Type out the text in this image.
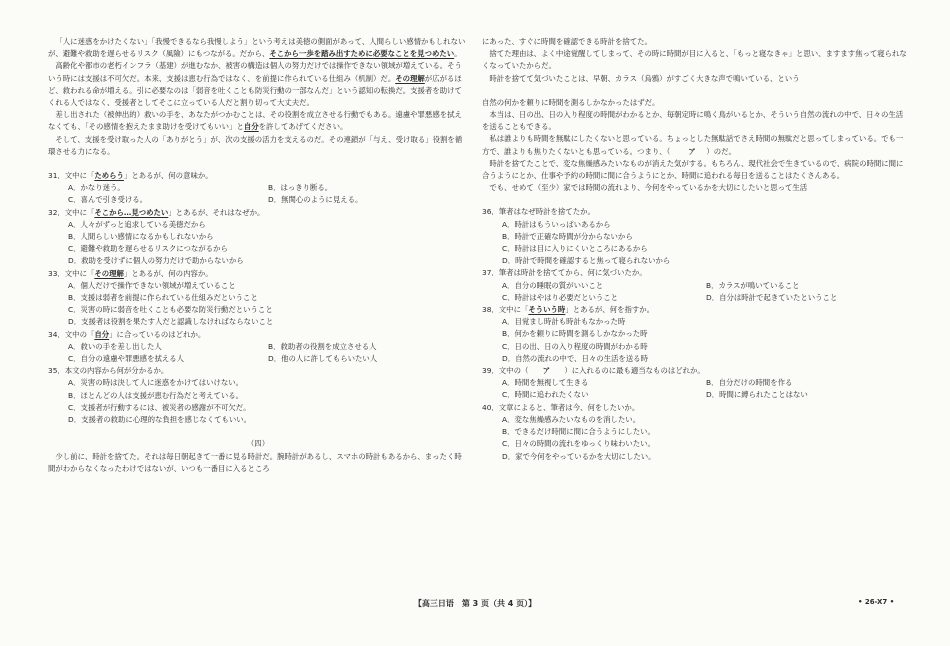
「人に迷惑をかけたくない」「我慢できるなら我慢しよう」という考えは美徳の側面があって、人間らしい感情かもしれないが、避難や救助を遅らせるリスク（風險）にもつながる。だから、そこから一歩を踏み出すために必要なことを見つめたい。

高齢化や都市の老朽インフラ（基建）が進むなか、被害の構造は個人の努力だけでは操作できない領域が増えている。そういう時には支援は不可欠だ。本来、支援は恵む行為ではなく、を前提に作られている仕組み（机制）だ。その理解が広がるほど、救われる命が増える。引に必要なのは「弱音を吐くことも防災行動の一部なんだ」という認知の転換だ。支援者を助けてくれる人ではなく、受援者としてそこに立っている人だと割り切って大丈夫だ。

差し出された（被伸出的）救いの手を、あなたがつかむことは、その役割を成立させる行動でもある。遠慮や罪悪感を拭えなくても、「その感情を抱えたまま助けを受けてもいい」と自分を許してあげてください。

そして、支援を受け取った人の「ありがとう」が、次の支援の活力を支えるのだ。その連鎖が「与え、受け取る」役割を循環させる力になる。

31．文中に「ためらう」とあるが、何の意味か。

A．かなり迷う。	B．はっきり断る。
C．喜んで引き受ける。	D．無関心のように見える。

32．文中に「そこから…見つめたい」とあるが、それはなぜか。

A．人々がずっと追求している美徳だから
B．人間らしい感情になるかもしれないから
C．避難や救助を遅らせるリスクにつながるから
D．救助を受けずに個人の努力だけで助からないから

33．文中に「その理解」とあるが、何の内容か。

A．個人だけで操作できない領域が増えていること
B．支援は弱者を前提に作られている仕組みだということ
C．災害の時に弱音を吐くことも必要な防災行動だということ
D．支援者は役割を果たす人だと認識しなければならないこと

34．文中の「自分」に合っているのはどれか。

A．救いの手を差し出した人	B．救助者の役割を成立させる人
C．自分の遠慮や罪悪感を拭える人	D．他の人に許してもらいたい人

35．本文の内容から何が分かるか。

A．災害の時は決して人に迷惑をかけてはいけない。
B．ほとんどの人は支援が恵む行為だと考えている。
C．支援者が行動するには、被災者の感謝が不可欠だ。
D．支援者の救助に心理的な負担を感じなくてもいい。

（四）

少し前に、時計を捨てた。それは毎日朝起きて一番に見る時計だ。腕時計があるし、スマホの時計もあるから、まったく時間がわからなくなったわけではないが、いつも一番目に入るところ

にあった、すぐに時間を確認できる時計を捨てた。

捨てた理由は、よく中途覚醒してしまって、その時に時間が目に入ると、「もっと寝なきゃ」と思い、ますます焦って寝られなくなっていたからだ。

時計を捨てて気づいたことは、早朝、カラス（烏鴉）がすごく大きな声で鳴いている、という

自然の何かを頼りに時間を測るしかなかったはずだ。

本当は、日の出、日の入り程度の時間がわかるとか、毎朝定時に鳴く鳥がいるとか、そういう自然の流れの中で、日々の生活を送ることもできる。

私は誰よりも時間を無駄にしたくないと思っている。ちょっとした無駄話でさえ時間の無駄だと思ってしまっている。でも一方で、誰よりも焦りたくないとも思っている。つまり、（ ア ）のだ。

時計を捨てたことで、変な焦燥感みたいなものが消えた気がする。もちろん、現代社会で生きているので、病院の時間に間に合うようにとか、仕事や予約の時間に間に合うようにとか、時間に追われる毎日を送ることはたくさんある。

でも、せめて（至少）家では時間の流れより、今何をやっているかを大切にしたいと思って生活

36．筆者はなぜ時計を捨てたか。

A．時計はもういっぱいあるから
B．時計で正確な時間が分からないから
C．時計は目に入りにくいところにあるから
D．時計で時間を確認すると焦って寝られないから

37．筆者は時計を捨ててから、何に気づいたか。

A．自分の睡眠の質がいいこと	B．カラスが鳴いていること
C．時計はやはり必要だということ	D．自分は時計で起きていたということ

38．文中に「そういう時」とあるが、何を指すか。

A．目覚まし時計も時計もなかった時
B．何かを頼りに時間を測るしかなかった時
C．日の出、日の入り程度の時間がわかる時
D．自然の流れの中で、日々の生活を送る時

39．文中の（ ア ）に入れるのに最も適当なものはどれか。

A．時間を無視して生きる	B．自分だけの時間を作る
C．時間に追われたくない	D．時間に縛られたことはない

40．文章によると、筆者は今、何をしたいか。

A．変な焦燥感みたいなものを消したい。
B．できるだけ時間に間に合うようにしたい。
C．日々の時間の流れをゆっくり味わいたい。
D．家で今何をやっているかを大切にしたい。
【高三日语　第 3 页（共 4 页）】	• 26-X7 •
